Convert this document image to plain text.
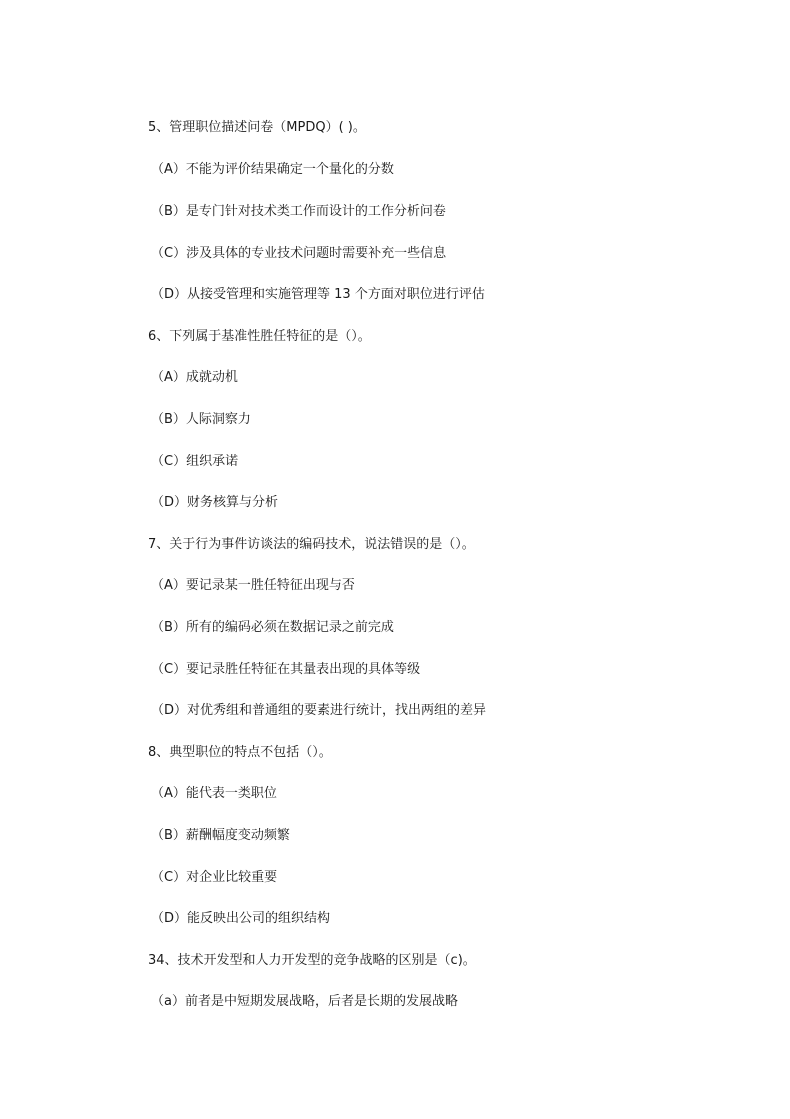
5、管理职位描述问卷（MPDQ）( )。
（A）不能为评价结果确定一个量化的分数
（B）是专门针对技术类工作而设计的工作分析问卷
（C）涉及具体的专业技术问题时需要补充一些信息
（D）从接受管理和实施管理等 13 个方面对职位进行评估
6、下列属于基准性胜任特征的是（）。
（A）成就动机
（B）人际洞察力
（C）组织承诺
（D）财务核算与分析
7、关于行为事件访谈法的编码技术，说法错误的是（）。
（A）要记录某一胜任特征出现与否
（B）所有的编码必须在数据记录之前完成
（C）要记录胜任特征在其量表出现的具体等级
（D）对优秀组和普通组的要素进行统计，找出两组的差异
8、典型职位的特点不包括（）。
（A）能代表一类职位
（B）薪酬幅度变动频繁
（C）对企业比较重要
（D）能反映出公司的组织结构
34、技术开发型和人力开发型的竞争战略的区别是（c)。
（a）前者是中短期发展战略，后者是长期的发展战略
